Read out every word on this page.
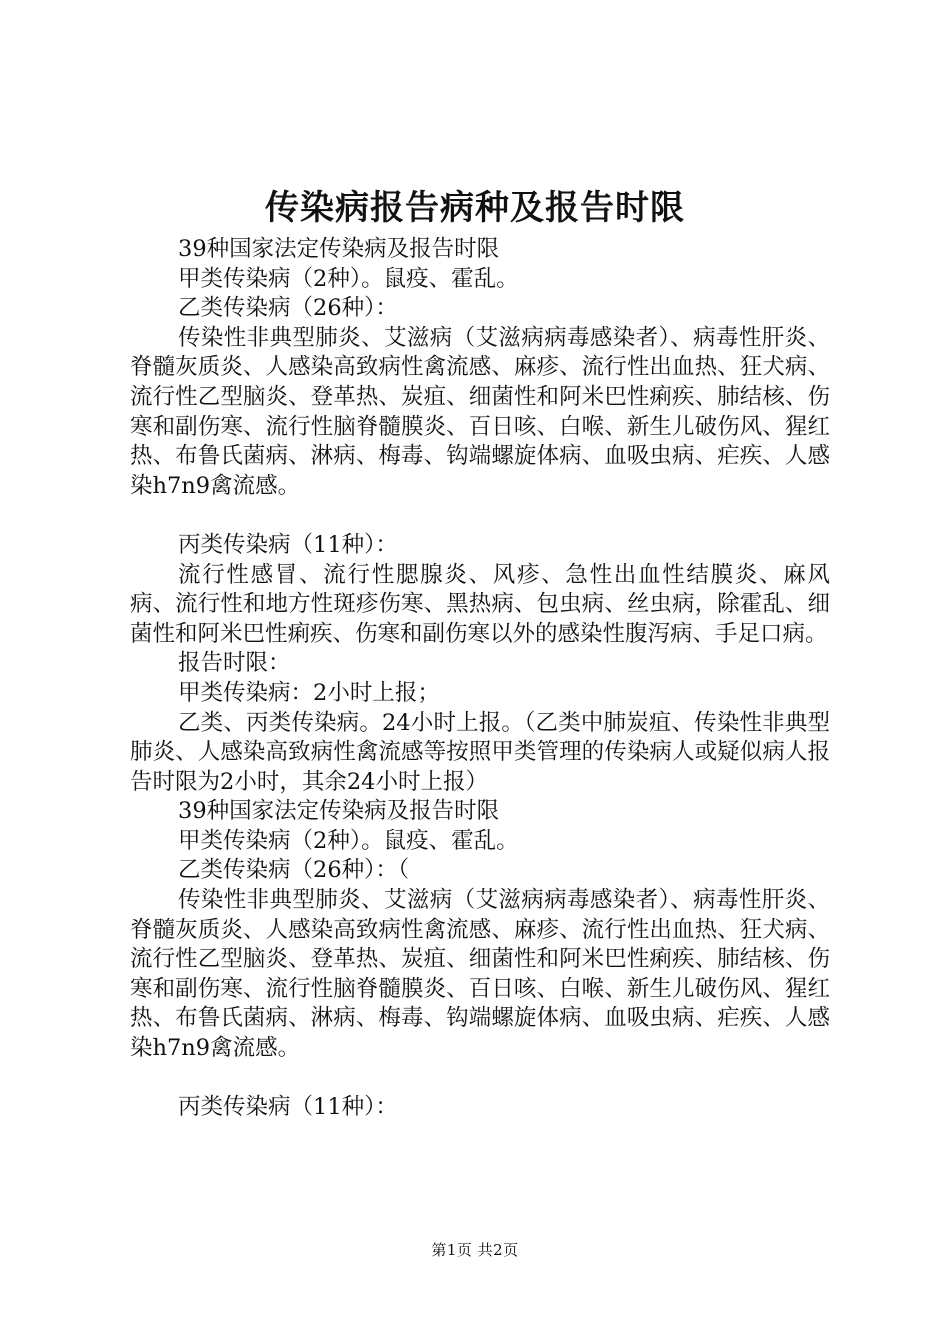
传染病报告病种及报告时限
39种国家法定传染病及报告时限
甲类传染病（2种）。鼠疫、霍乱。
乙类传染病（26种）：
传染性非典型肺炎、艾滋病（艾滋病病毒感染者）、病毒性肝炎、脊髓灰质炎、人感染高致病性禽流感、麻疹、流行性出血热、狂犬病、流行性乙型脑炎、登革热、炭疽、细菌性和阿米巴性痢疾、肺结核、伤寒和副伤寒、流行性脑脊髓膜炎、百日咳、白喉、新生儿破伤风、猩红热、布鲁氏菌病、淋病、梅毒、钩端螺旋体病、血吸虫病、疟疾、人感染h7n9禽流感。
丙类传染病（11种）：
流行性感冒、流行性腮腺炎、风疹、急性出血性结膜炎、麻风病、流行性和地方性斑疹伤寒、黑热病、包虫病、丝虫病，除霍乱、细菌性和阿米巴性痢疾、伤寒和副伤寒以外的感染性腹泻病、手足口病。
报告时限：
甲类传染病：2小时上报；
乙类、丙类传染病。24小时上报。（乙类中肺炭疽、传染性非典型肺炎、人感染高致病性禽流感等按照甲类管理的传染病人或疑似病人报告时限为2小时，其余24小时上报）
39种国家法定传染病及报告时限
甲类传染病（2种）。鼠疫、霍乱。
乙类传染病（26种）：（
传染性非典型肺炎、艾滋病（艾滋病病毒感染者）、病毒性肝炎、脊髓灰质炎、人感染高致病性禽流感、麻疹、流行性出血热、狂犬病、流行性乙型脑炎、登革热、炭疽、细菌性和阿米巴性痢疾、肺结核、伤寒和副伤寒、流行性脑脊髓膜炎、百日咳、白喉、新生儿破伤风、猩红热、布鲁氏菌病、淋病、梅毒、钩端螺旋体病、血吸虫病、疟疾、人感染h7n9禽流感。
丙类传染病（11种）：
第1页 共2页
